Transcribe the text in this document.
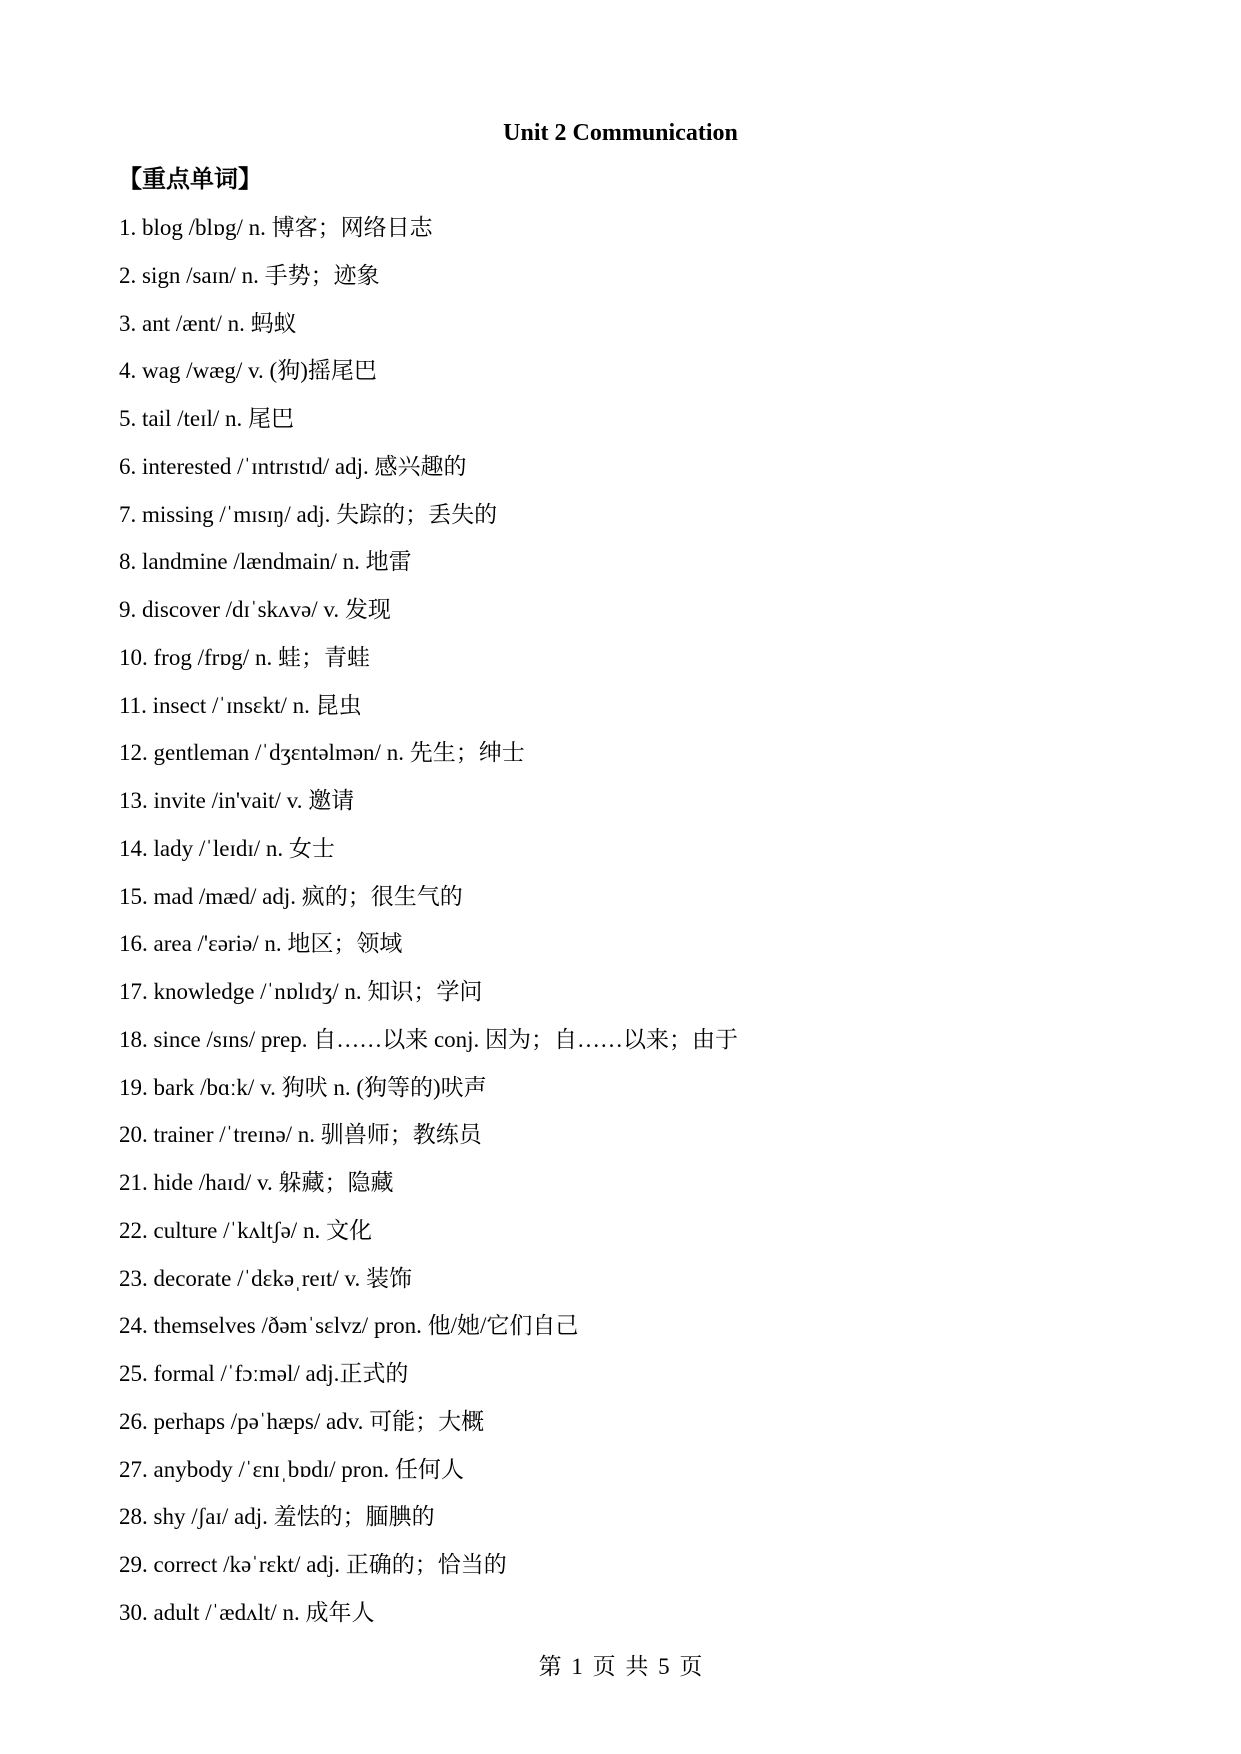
Unit 2 Communication
【重点单词】
1. blog /blɒg/ n. 博客；网络日志
2. sign /saɪn/ n. 手势；迹象
3. ant /ænt/ n. 蚂蚁
4. wag /wæg/ v. (狗)摇尾巴
5. tail /teɪl/ n. 尾巴
6. interested /ˈɪntrɪstɪd/ adj. 感兴趣的
7. missing /ˈmɪsɪŋ/ adj. 失踪的；丢失的
8. landmine /lændmain/ n. 地雷
9. discover /dɪˈskʌvə/ v. 发现
10. frog /frɒg/ n. 蛙；青蛙
11. insect /ˈɪnsɛkt/ n. 昆虫
12. gentleman /ˈdʒɛntəlmən/ n. 先生；绅士
13. invite /in'vait/ v. 邀请
14. lady /ˈleɪdɪ/ n. 女士
15. mad /mæd/ adj. 疯的；很生气的
16. area /'ɛəriə/ n. 地区；领域
17. knowledge /ˈnɒlɪdʒ/ n. 知识；学问
18. since /sɪns/ prep. 自……以来 conj. 因为；自……以来；由于
19. bark /bɑːk/ v. 狗吠 n. (狗等的)吠声
20. trainer /ˈtreɪnə/ n. 驯兽师；教练员
21. hide /haɪd/ v. 躲藏；隐藏
22. culture /ˈkʌltʃə/ n. 文化
23. decorate /ˈdɛkəˌreɪt/ v. 装饰
24. themselves /ðəmˈsɛlvz/ pron. 他/她/它们自己
25. formal /ˈfɔːməl/ adj.正式的
26. perhaps /pəˈhæps/ adv. 可能；大概
27. anybody /ˈɛnɪˌbɒdɪ/ pron. 任何人
28. shy /ʃaɪ/ adj. 羞怯的；腼腆的
29. correct /kəˈrɛkt/ adj. 正确的；恰当的
30. adult /ˈædʌlt/ n. 成年人
第 1 页 共 5 页
